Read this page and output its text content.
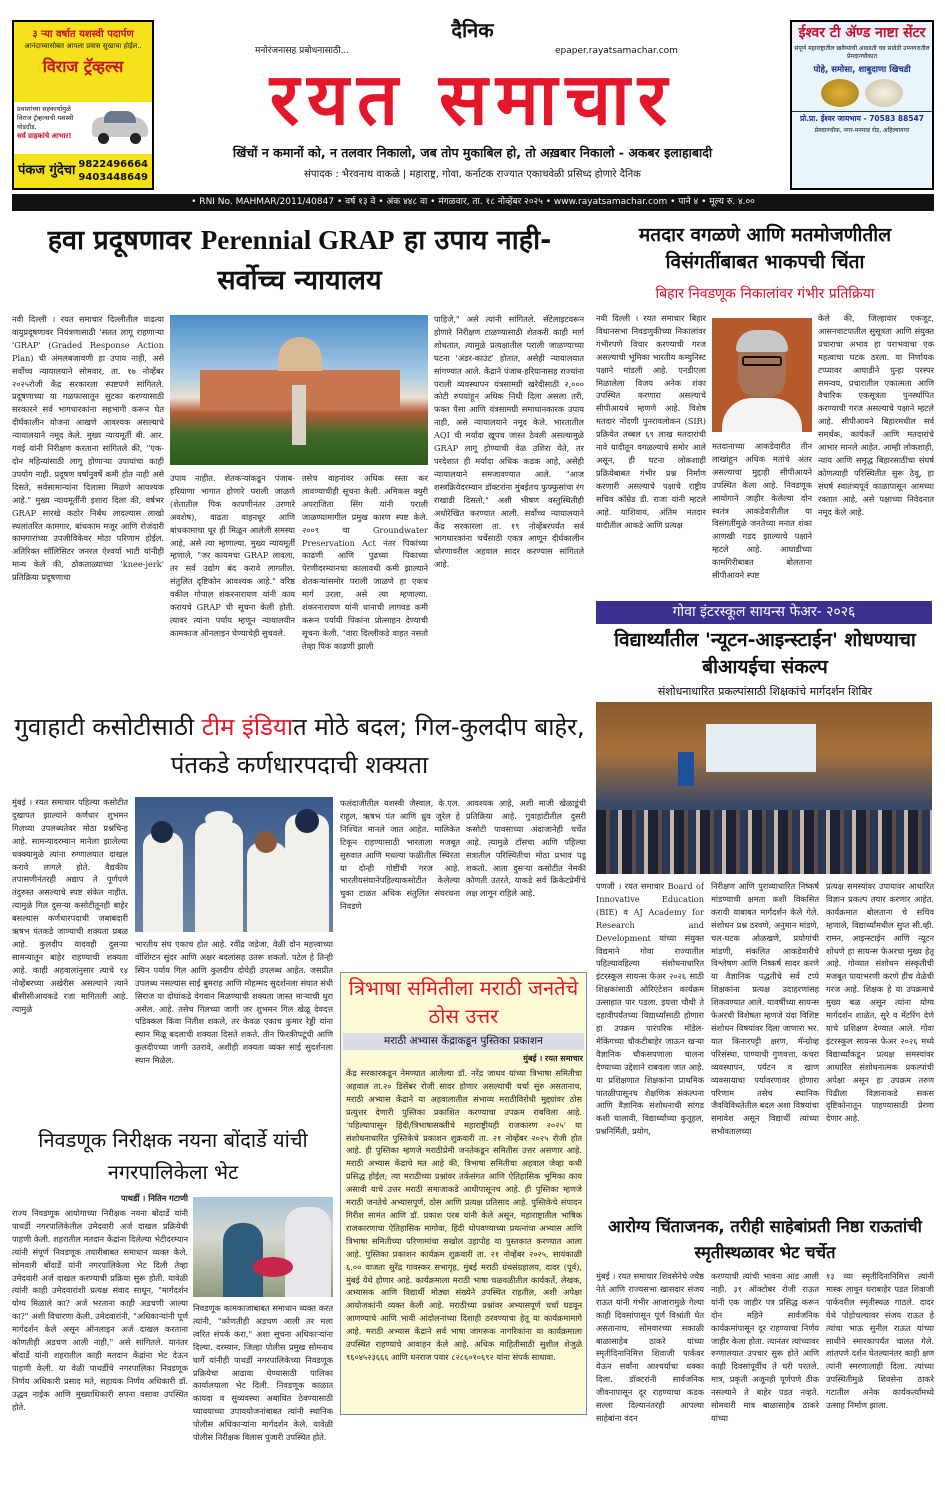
३ ऱ्या वर्षात यशस्वी पदार्पण
आनंदाच्यासोबत आपला प्रवास सुखाचा होईल..
विराज ट्रॅव्हल्स
प्रवाशांच्या सहकार्यामुळे विराज ट्रॅव्हल्सची यशस्वी घोडदौड,
सर्व ग्राहकांचे आभार!
पंकज गुंदेचा 9822496664
9403448649
ईश्वर टी ॲण्ड नाष्टा सेंटर
संपूर्ण महाराष्ट्रातील खवैय्यांची आवडती चव सावेडी उपनगरातील प्रेमदानचौकात
पोहे, समोसा, शाबुदाणा खिचडी
प्रो.प्रा. ईश्वर जायभाय - 70583 88547
प्रेमदानचौक, नगर-मनमाड रोड, अहिल्यानगर
दैनिक
मनोरंजनासह प्रबोधनासाठी...	epaper.rayatsamachar.com
रयत समाचार
खिंचों न कमानों को, न तलवार निकालो, जब तोप मुकाबिल हो, तो अख़बार निकालो - अकबर इलाहाबादी
संपादक : भैरवनाथ वाकळे | महाराष्ट्र, गोवा, कर्नाटक राज्यात एकाचवेळी प्रसिध्द होणारे दैनिक
• RNI No. MAHMAR/2011/40847 • वर्ष १३ वे • अंक ४४८ वा • मंगळवार, ता. १८ नोव्हेंबर २०२५ • www.rayatsamachar.com • पाने ४ • मूल्य रु. ४.००
हवा प्रदूषणावर Perennial GRAP हा उपाय नाही- सर्वोच्च न्यायालय
नवी दिल्ली । रयत समाचार दिल्लीतील वाढत्या वायुप्रदूषणावर नियंत्रणासाठी 'सतत लागू राहणाऱ्या 'GRAP' (Graded Response Action Plan) ची अंमलबजावणी हा उपाय नाही, असे सर्वोच्च न्यायालयाने सोमवार, ता. १७ नोव्हेंबर २०२५रोजी केंद्र सरकारला स्पष्टपणे सांगितले. प्रदूषणाच्या या गळफासातून सुटका करण्यासाठी सरकारने सर्व भागधारकांना सहभागी करून घेत दीर्घकालीन योजना आखणे आवश्यक असल्याचे न्यायालयाने नमूद केले. मुख्य न्यायमूर्ती बी. आर. गवई यांनी निरीक्षण करताना सांगितले की, "एक-दोन महिन्यांसाठी लागू होणाऱ्या उपायांचा काही उपयोग नाही. प्रदूषण वर्षानुवर्षे कमी होत नाही असे दिसते, सर्वसामान्यांना दिलासा मिळणे आवश्यक आहे." मुख्य न्यायमूर्तींनी इशारा दिला की, वर्षभर GRAP सारखे कठोर निर्बंध लादल्यास लाखो स्थलांतरित कामगार, बांधकाम मजूर आणि रोजंदारी कामगारांच्या उपजीविकेवर मोठा परिणाम होईल. अतिरिक्त सॉलिसिटर जनरल ऐश्वर्या भाटी यांनीही मान्य केले की, ठोकताळ्याच्या 'knee-jerk' प्रतिक्रिया प्रदूषणाचा
उपाय नाहीत. शेतकऱ्यांकडून पंजाब-हरियाणा भागात होणारे पराली जाळणे (शेतातील पिक कापणीनंतर उरणारे अवशेष), वाढता वाहनधूर आणि बांधकामाचा धूर ही मिळून आलेली समस्या आहे, असे त्या म्हणाल्या. मुख्य न्यायमूर्ती म्हणाले, "जर कायमचा GRAP लावला, तर सर्व उद्योग बंद करावे लागतील. संतुलित दृष्टिकोन आवश्यक आहे." वरिष्ठ वकील गोपाल शंकरनारायण यांनी काय करायचे GRAP ची सूचना केली होती. त्यावर त्यांना पर्याय म्हणून न्यायालयीन कामकाज ऑनलाइन घेण्याचेही सुचवले.
तसेच वाहनांवर अधिक रस्ता कर लावण्याचीही सूचना केली. अमिकस क्युरी अपराजिता सिंग यांनी पराली जाळण्यामागील प्रमुख कारण स्पष्ट केले. २००९ चा Groundwater Preservation Act नंतर पिकांच्या काढणी आणि पुढच्या पिकाच्या पेरणीदरम्यानचा कालावधी कमी झाल्याने शेतकऱ्यांसमोर पराली जाळणे हा एकच मार्ग उरला, असे त्या म्हणाल्या. शंकरनारायण यांनी धानाची लागवड कमी करून पर्यायी पिकांना प्रोत्साहन देण्याची सूचना केली. "वारा दिल्लीकडे वाहत नसतो तेव्हा पिक काढणी झाली
पाहिजे," असे त्यांनी सांगितले. सॅटेलाइटवरून होणारे निरीक्षण टाळण्यासाठी शेतकरी काही मार्ग शोधतात, त्यामुळे प्रत्यक्षातील पराली जाळण्याच्या घटना 'अंडर-काउंट' होतात, असेही न्यायालयात सांगण्यात आले. केंद्राने पंजाब-हरियानासह राज्यांना पराली व्यवस्थापन यंत्रसामग्री खरेदीसाठी २,००० कोटी रुपयांहून अधिक निधी दिला असला तरी, फक्त पैसा आणि यंत्रसामग्री समाधानकारक उपाय नाही, असे न्यायालयाने नमूद केले. भारतातील AQI ची मर्यादा खूपच जास्त ठेवली असल्यामुळे GRAP लागू होण्याची वेळ उशिरा येते, तर परदेशात ही मर्यादा अधिक कडक आहे, असेही न्यायालयाने समजावण्यात आले. "आज शस्त्रक्रियेदरम्यान डॉक्टरांना मुंबईतच फुफ्फुसांचा रंग राखाडी दिसतो," अशी भीषण वस्तुस्थितीही अधोरेखित करण्यात आली. सर्वोच्च न्यायालयाने केंद्र सरकारला ता. १९ नोव्हेंबरपर्यंत सर्व भागधारकांना चर्चेसाठी एकत्र आणून दीर्घकालीन धोरणावरील अहवाल सादर करण्यास सांगितले आहे.
मतदार वगळणे आणि मतमोजणीतील विसंगतींबाबत भाकपची चिंता
बिहार निवडणूक निकालांवर गंभीर प्रतिक्रिया
नवी दिल्ली । रयत समाचार बिहार विधानसभा निवडणुकीच्या निकालांवर गंभीरपणे विचार करण्याची गरज असल्याची भूमिका भारतीय कम्युनिस्ट पक्षाने मांडली आहे. एनडीएला मिळालेला विजय अनेक शंका उपस्थित करणारा असल्याचे सीपीआयचे म्हणणे आहे. विशेष मतदार नोंदणी पुनरावलोकन (SIR) प्रक्रियेत तब्बल ६९ लाख मतदारांची नावे यादीतून वगळल्याचे समोर आले असून, ही घटना लोकशाही प्रक्रियेबाबत गंभीर प्रश्न निर्माण करणारी असल्याचे पक्षाचे राष्ट्रीय सचिव कॉम्रेड डी. राजा यांनी म्हटले आहे. याशिवाय, अंतिम मतदार यादीतील आकडे आणि प्रत्यक्ष
मतदानाच्या आकडेवारीत तीन लाखांहून अधिक मतांचे अंतर असल्याचा मुद्दाही सीपीआयने उपस्थित केला आहे. निवडणूक आयोगाने जाहीर केलेल्या दोन स्वतंत्र आकडेवारीतील या विसंगतींमुळे जनतेच्या मनात शंका आणखी गडद झाल्याचे पक्षाने म्हटले आहे. आघाडीच्या कामगिरीबाबत बोलताना सीपीआयने स्पष्ट
केले की, जिल्हावार एकजूट, आसनवाटपातील सुसूत्रता आणि संयुक्त प्रचाराचा अभाव हा पराभवाचा एक महत्वाचा घटक ठरला. या निर्णायक टप्प्यावर आघाडीने पुन्हा परस्पर समन्वय, प्रचारातील एकात्मता आणि वैचारिक एकसूत्रता पुनर्स्थापित करण्याची गरज असल्याचे पक्षाने म्हटले आहे. सीपीआयने बिहारमधील सर्व समर्थक, कार्यकर्ते आणि मतदारांचे आभार मानले आहेत. आम्ही लोकशाही, न्याय आणि समृद्ध बिहारसाठीचा संघर्ष कोणत्याही परिस्थितीत सुरू ठेवू, हा संघर्ष स्वातंत्र्यपूर्व काळापासून आमच्या रक्तात आहे, असे पक्षाच्या निवेदनात नमूद केले आहे.
गोवा इंटरस्कूल सायन्स फेअर- २०२६
विद्यार्थ्यांतील 'न्यूटन-आइन्स्टाईन' शोधण्याचा बीआयईचा संकल्प
संशोधनाधारित प्रकल्पांसाठी शिक्षकांचे मार्गदर्शन शिबिर
पणजी । रयत समाचार Board of Innovative Education (BIE) व AJ Academy for Research and Development यांच्या संयुक्त विद्यमाने गोवा राज्यातील पहिल्यावहिल्या संशोधनाधारित इंटरस्कूल सायन्स फेअर २०२६ साठी शिक्षकांसाठी ओरिएंटेशन कार्यक्रम उत्साहात पार पडला. इयत्ता चौथी ते दहावीपर्यंतच्या विद्यार्थ्यांसाठी होणारा हा उपक्रम पारंपरिक मॉडेल-मेकिंगच्या चौकटीबाहेर जाऊन खऱ्या वैज्ञानिक चौकसपणाला चालना देण्याच्या उद्देशाने राबवला जात आहे. या प्रशिक्षणात शिक्षकांना प्राथमिक पातळीपासूनच शैक्षणिक संकल्पना आणि वैज्ञानिक संशोधनाची सांगड कशी घालावी, विद्यार्थ्यांच्या कुतूहल, प्रश्ननिर्मिती, प्रयोग,
निरीक्षण आणि पुराव्याधारित निष्कर्ष मांडण्याची क्षमता कशी विकसित करावी याबाबत मार्गदर्शन केले गेले. संशोधन प्रश्न ठरवणे, अनुमान मांडणे, चल-घटक ओळखणे, प्रयोगांची मांडणी, संकलित आकडेवारीचे विश्लेषण आणि निष्कर्ष सादर करणे या वैज्ञानिक पद्धतीचे सर्व टप्पे शिक्षकांना प्रत्यक्ष उदाहरणांसह शिकवण्यात आले. यावर्षीच्या सायन्स फेअरची विशेषता म्हणजे यंदा विशिष्ट संशोधन विषयांवर दिला जाणारा भर. यात किनारपट्टी क्षरण, मॅन्ग्रोव्ह परिसंस्था, पाण्याची गुणवत्ता, कचरा व्यवस्थापन, पर्यटन व खाण व्यवसायाचा पर्यावरणावर होणारा परिणाम तसेच स्थानिक जैवविविधतेतील बदल अशा विषयांचा समावेश असून विद्यार्थी त्यांच्या सभोवतालच्या
प्रत्यक्ष समस्यांवर उपायावर आधारित विज्ञान प्रकल्प तयार करणार आहेत. कार्यक्रमात बोलताना चे सचिव म्हणाले, विद्यार्थ्यांमधील सुप्त सी.व्ही. रामन, आइन्स्टाईन आणि न्यूटन शोधणे हा सायन्स फेअरचा मुख्य हेतू आहे. गोव्यात संशोधन संस्कृतीची मजबूत पायाभरणी करणे हीच वेळेची गरज आहे. शिक्षक हे या उपक्रमाचे मुख्य बळ असून त्यांना योग्य मार्गदर्शन शाळेत, सुरे व मेंटरिंग देणे याचे प्रशिक्षण देण्यात आले. गोवा इंटरस्कूल सायन्स फेअर २०२६ मध्ये विद्यार्थ्यांकडून प्रत्यक्ष समस्यांवर आधारित संशोधनात्मक प्रकल्पांची अपेक्षा असून हा उपक्रम तरुण पिढीला विज्ञानाकडे सकस दृष्टिकोनातून पाहण्यासाठी प्रेरणा देणार आहे.
गुवाहाटी कसोटीसाठी टीम इंडियात मोठे बदल; गिल-कुलदीप बाहेर, पंतकडे कर्णधारपदाची शक्यता
मुंबई । रयत समाचार पहिल्या कसोटीत दुखापत झाल्याने कर्णधार शुभमन गिलच्या उपलब्धतेवर मोठा प्रश्नचिन्ह आहे. सामन्यादरम्यान मानेला झालेल्या धक्क्यामुळे त्यांना रुग्णालयात दाखल करावे लागले होते. वैद्यकीय तपासणीनंतरही अद्याप ते पूर्णपणे तंदुरुस्त असल्याचे स्पष्ट संकेत नाहीत. त्यामुळे गिल दुसऱ्या कसोटीतूनही बाहेर बसल्यास कर्णधारपदाची जबाबदारी ऋषभ पंतकडे जाण्याची शक्यता प्रबळ आहे. कुलदीप यादवही दुसऱ्या सामन्यातून बाहेर राहण्याची शक्यता आहे. काही अहवालांनुसार त्याचे १४ नोव्हेंबरच्या अखेरीस असल्याने त्याने बीसीसीआयकडे रजा मागितली आहे. त्यामुळे
भारतीय संघ एकाच होत आहे. रवींद्र जडेजा, वेळी दोन महत्त्वाच्या वॉशिंग्टन सुंदर आणि अक्षर बदलांसह उतरू शकतो. पटेल हे तिन्ही स्पिन पर्याय गिल आणि कुलदीप दोघेही उपलब्ध आहेत. जसप्रीत उपलब्ध नसल्यास साई बुमराह आणि मोहम्मद सुदर्शनला संघात संधी सिराज या दोघांकडे वेगवान मिळण्याची शक्यता जास्त माऱ्याची धुरा असेल. आहे. तसेच गिलच्या जागी जर शुभमन गिल खेळू देवदत्त पडिक्कल किंवा नितीश शकले, तर केवळ एकाच कुमार रेड्डी यांना स्थान मिळू बदलाची शक्यता दिसते शकते. तीन फिरकीपटूंची आणि कुलदीपच्या जागी उतरावे, अशीही शक्यता व्यक्त साई सुदर्शनला स्थान मिळेल.
फलंदाजीतील यशस्वी जैस्वाल, के.एल. राहुल, ऋषभ पंत आणि ध्रुव जुरेल हे निश्चित मानले जात आहेत. मालिकेत टिकून राहण्यासाठी भारताला मजबूत सुरुवात आणि मधल्या फळीतील स्थिरता या दोन्ही गोष्टींची गरज आहे. भारतीयसंघानेपहिल्याकसोटीत केलेल्या चुका टाळत अधिक संतुलित संघरचना निवडणे
आवश्यक आहे, अशी माजी खेळाडूंची प्रतिक्रिया आहे. गुवाहाटीतील दुसरी कसोटी पावसाच्या अंदाजानेही चर्चेत आहे. त्यामुळे टॉसचा आणि पहिल्या सत्रातील परिस्थितीचा मोठा प्रभाव पडू शकतो. आता दुसऱ्या कसोटीत नेमकी कोणती उतरते, याकडे सर्व क्रिकेटप्रेमींचे लक्ष लागून राहिले आहे.
त्रिभाषा समितीला मराठी जनतेचे ठोस उत्तर
मराठी अभ्यास केंद्राकडून पुस्तिका प्रकाशन
मुंबई । रयत समाचार
केंद्र सरकारकडून नेमण्यात आलेल्या डॉ. नरेंद्र जाधव यांच्या त्रिभाषा समितीचा अहवाल ता.२० डिसेंबर रोजी सादर होणार असल्याची चर्चा सुरु असतानाच, मराठी अभ्यास केंद्राने या अहवालातील संभाव्य मराठीविरोधी मुद्द्यांवर ठोस प्रत्युत्तर देणारी पुस्तिका प्रकाशित करण्याचा उपक्रम राबविला आहे. 'पहिल्यापासून हिंदी/त्रिभाषासक्तीचे महाराष्ट्रीयही राजकारण २०२५' या संशोधनाधारित पुस्तिकेचे प्रकाशन शुक्रवारी ता. २१ नोव्हेंबर २०२५ रोजी होत आहे. ही पुस्तिका म्हणजे मराठीप्रेमी जनतेकडून समितीस उत्तर असणार आहे. मराठी अभ्यास केंद्राचे मत आहे की, त्रिभाषा समितीचा अहवाल जेव्हा कधी प्रसिद्ध होईल; त्या मराठीच्या प्रश्नांवर तर्कसंगत आणि ऐतिहासिक भूमिका काय असावी याचे उत्तर मराठी समाजाकडे आधीपासूनच आहे. ही पुस्तिका म्हणजे मराठी जनतेचे अभ्यासपूर्ण, ठोस आणि प्रत्यक्ष प्रतिसाद आहे. पुस्तिकेचे संपादन गिरीश सामंत आणि डॉ. प्रकाश परब यांनी केले असून, महाराष्ट्रातील भाषिक राजकारणाचा ऐतिहासिक मागोवा, हिंदी थोपवण्याच्या प्रयत्नांचा अभ्यास आणि त्रिभाषा समितीच्या परिणामांचा सखोल उहापोह या पुस्तकात करण्यात आला आहे. पुस्तिका प्रकाशन कार्यक्रम शुक्रवारी ता. २१ नोव्हेंबर २०२५, सायंकाळी ६.०० वाजता सुरेंद्र गावस्कर सभागृह, मुंबई मराठी ग्रंथसंग्रहालय, दादर (पूर्व), मुंबई येथे होणार आहे. कार्यक्रमाला मराठी भाषा चळवळीतील कार्यकर्ते, लेखक, अभ्यासक आणि विद्यार्थी मोठ्या संख्येने उपस्थित राहतील, अशी अपेक्षा आयोजकांनी व्यक्त केली आहे. मराठीच्या प्रश्नांवर अभ्यासपूर्ण चर्चा घडवून आणण्याचे आणि भावी आंदोलनांच्या दिशाही ठरवण्याचा हेतू या कार्यक्रमामागे आहे. मराठी अभ्यास केंद्राने सर्व भाषा जागरूक नागरिकांना या कार्यक्रमाला उपस्थित राहण्याचे आवाहन केले आहे. अधिक माहितीसाठी सुशील शेजुळे ९६०४५२३६६६ आणि धनराज पवार ८२८६०१०६९२ यांना संपर्क साधावा.
निवडणूक निरीक्षक नयना बोंदार्डे यांची नगरपालिकेला भेट
पाथर्डी । नितिन गटाणी
राज्य निवडणूक आयोगाच्या निरीक्षक नयना बोंदार्डे यांनी पाथर्डी नगरपालिकेतील उमेदवारी अर्ज दाखल प्रक्रियेची पाहणी केली. शहरातील मतदान केंद्रांना दिलेल्या भेटीदरम्यान त्यांनी संपूर्ण निवडणूक तयारीबाबत समाधान व्यक्त केले. सोमवारी बोंदार्डे यांनी नगरपालिकेला भेट दिली तेव्हा उमेदवारी अर्ज दाखल करण्याची प्रक्रिया सुरू होती. यावेळी त्यांनी काही उमेदवारांशी प्रत्यक्ष संवाद साधून, "मार्गदर्शन योग्य मिळाले का? अर्ज भरताना काही अडचणी आल्या का?" अशी विचारणा केली. उमेदवारांनी, "अधिकाऱ्यांनी पूर्ण मार्गदर्शन केले असून ऑनलाइन अर्ज दाखल करताना कोणतीही अडचण आली नाही," असे सांगितले. यानंतर बोंदार्डे यांनी शहरातील काही मतदान केंद्रांना भेट देऊन पाहणी केली. या वेळी पाथर्डीचे नगरपालिका निवडणूक निर्णय अधिकारी प्रसाद मते, सहायक निर्णय अधिकारी डॉ. उद्धव नाईक आणि मुख्याधिकारी सपना वसावा उपस्थित होते.
निवडणूक कामकाजाबाबत समाधान व्यक्त करत त्यांनी, "कोणतीही अडचण आली तर मला त्वरित संपर्क करा," अशा सूचना अधिकाऱ्यांना दिल्या. दरम्यान, जिल्हा पोलीस प्रमुख सोमनाथ घार्गे यांनीही पाथर्डी नगरपालिकेच्या निवडणूक प्रक्रियेचा आढावा घेण्यासाठी पालिका कार्यालयाला भेट दिली. निवडणूक काळात कायदा व सुव्यवस्था अबाधित ठेवण्यासाठी घ्यावयाच्या उपाययोजनांबाबत त्यांनी स्थानिक पोलीस अधिकाऱ्यांना मार्गदर्शन केले. यावेळी पोलीस निरीक्षक विलास पुजारी उपस्थित होते.
आरोग्य चिंताजनक, तरीही साहेबांप्रती निष्ठा राऊतांची स्मृतीस्थळावर भेट चर्चेत
मुंबई । रयत समाचार शिवसेनेचे ज्येष्ठ नेते आणि राज्यसभा खासदार संजय राऊत यांनी गंभीर आजारामुळे गेल्या काही दिवसांपासून पूर्ण विश्रांती घेत असतानाच, सोमवारच्या सकाळी बाळासाहेब ठाकरे यांच्या स्मृतीदिनानिमित्त शिवाजी पार्कवर येऊन सर्वांना आश्चर्याचा धक्का दिला. डॉक्टरांनी सार्वजनिक जीवनापासून दूर राहण्याचा कडक सल्ला दिल्यानंतरही आपल्या साहेबांना वंदन
करण्याची त्यांची भावना आड आली नाही. ३१ ऑक्टोबर रोजी राऊत यांनी एक जाहीर पत्र प्रसिद्ध करून दोन महिने सार्वजनिक कार्यक्रमांपासून दूर राहण्याचा निर्णय जाहीर केला होता. त्यानंतर त्यांच्यावर रुग्णालयात उपचार सुरू होते आणि काही दिवसांपूर्वीच ते घरी परतले. मात्र, प्रकृती अजूनही पूर्णपणे ठीक नसल्याने ते बाहेर पडत नव्हते. सोमवारी मात्र बाळासाहेब ठाकरे यांच्या
१३ व्या स्मृतीदिनानिमित्त त्यांनी मास्क लावून घराबाहेर पडत शिवाजी पार्कवरील स्मृतीस्थळ गाठले. दादर येथे पोहोचल्यावर संजय राऊत हे त्यांचा भाऊ सुनील राऊत यांच्या साथीने स्मारकापर्यंत चालत गेले. शांतपणे दर्शन घेतल्यानंतर काही क्षण त्यांनी स्मरणालाही दिला. त्यांच्या उपस्थितीमुळे शिवसेना ठाकरे गटातील अनेक कार्यकर्त्यांमध्ये उत्साह निर्माण झाला.
